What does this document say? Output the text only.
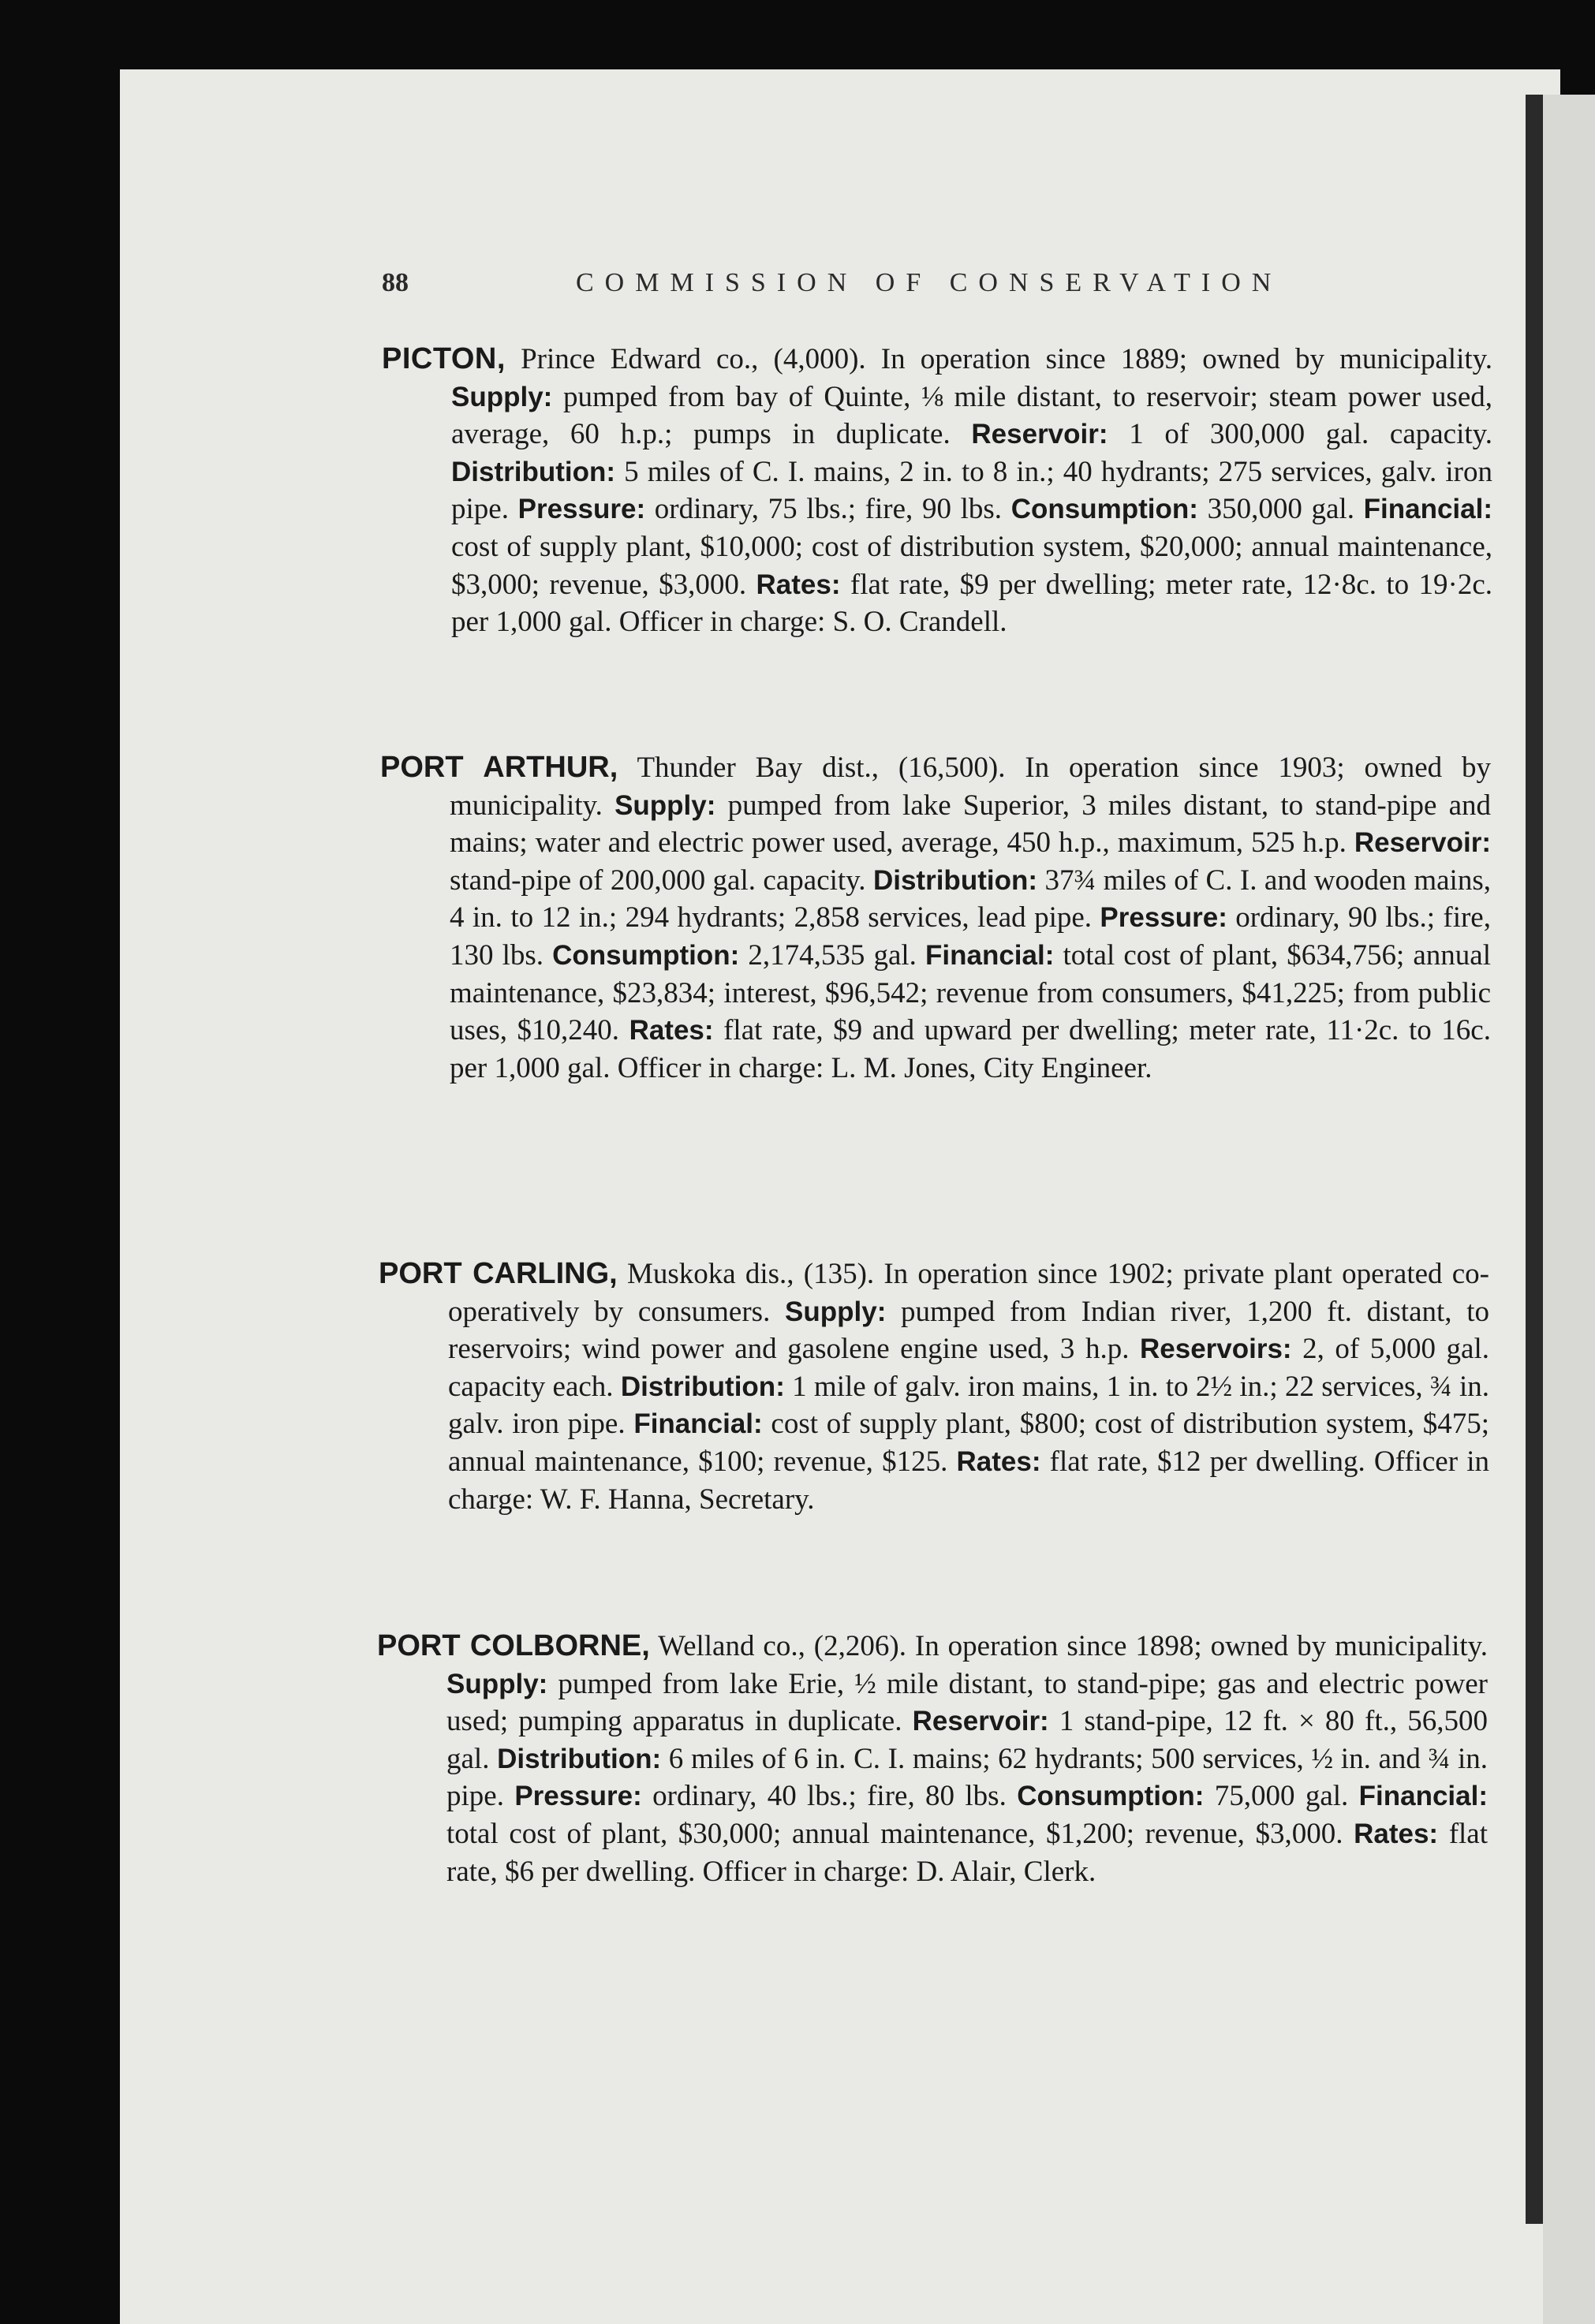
88	COMMISSION OF CONSERVATION
PICTON, Prince Edward co., (4,000). In operation since 1889; owned by municipality. Supply: pumped from bay of Quinte, ⅛ mile distant, to reservoir; steam power used, average, 60 h.p.; pumps in duplicate. Reservoir: 1 of 300,000 gal. capacity. Distribution: 5 miles of C. I. mains, 2 in. to 8 in.; 40 hydrants; 275 services, galv. iron pipe. Pressure: ordinary, 75 lbs.; fire, 90 lbs. Consumption: 350,000 gal. Financial: cost of supply plant, $10,000; cost of distribution system, $20,000; annual maintenance, $3,000; revenue, $3,000. Rates: flat rate, $9 per dwelling; meter rate, 12·8c. to 19·2c. per 1,000 gal. Officer in charge: S. O. Crandell.
PORT ARTHUR, Thunder Bay dist., (16,500). In operation since 1903; owned by municipality. Supply: pumped from lake Superior, 3 miles distant, to stand-pipe and mains; water and electric power used, average, 450 h.p., maximum, 525 h.p. Reservoir: stand-pipe of 200,000 gal. capacity. Distribution: 37¾ miles of C. I. and wooden mains, 4 in. to 12 in.; 294 hydrants; 2,858 services, lead pipe. Pressure: ordinary, 90 lbs.; fire, 130 lbs. Consumption: 2,174,535 gal. Financial: total cost of plant, $634,756; annual maintenance, $23,834; interest, $96,542; revenue from consumers, $41,225; from public uses, $10,240. Rates: flat rate, $9 and upward per dwelling; meter rate, 11·2c. to 16c. per 1,000 gal. Officer in charge: L. M. Jones, City Engineer.
PORT CARLING, Muskoka dis., (135). In operation since 1902; private plant operated co-operatively by consumers. Supply: pumped from Indian river, 1,200 ft. distant, to reservoirs; wind power and gasolene engine used, 3 h.p. Reservoirs: 2, of 5,000 gal. capacity each. Distribution: 1 mile of galv. iron mains, 1 in. to 2½ in.; 22 services, ¾ in. galv. iron pipe. Financial: cost of supply plant, $800; cost of distribution system, $475; annual maintenance, $100; revenue, $125. Rates: flat rate, $12 per dwelling. Officer in charge: W. F. Hanna, Secretary.
PORT COLBORNE, Welland co., (2,206). In operation since 1898; owned by municipality. Supply: pumped from lake Erie, ½ mile distant, to stand-pipe; gas and electric power used; pumping apparatus in duplicate. Reservoir: 1 stand-pipe, 12 ft. × 80 ft., 56,500 gal. Distribution: 6 miles of 6 in. C. I. mains; 62 hydrants; 500 services, ½ in. and ¾ in. pipe. Pressure: ordinary, 40 lbs.; fire, 80 lbs. Consumption: 75,000 gal. Financial: total cost of plant, $30,000; annual maintenance, $1,200; revenue, $3,000. Rates: flat rate, $6 per dwelling. Officer in charge: D. Alair, Clerk.
